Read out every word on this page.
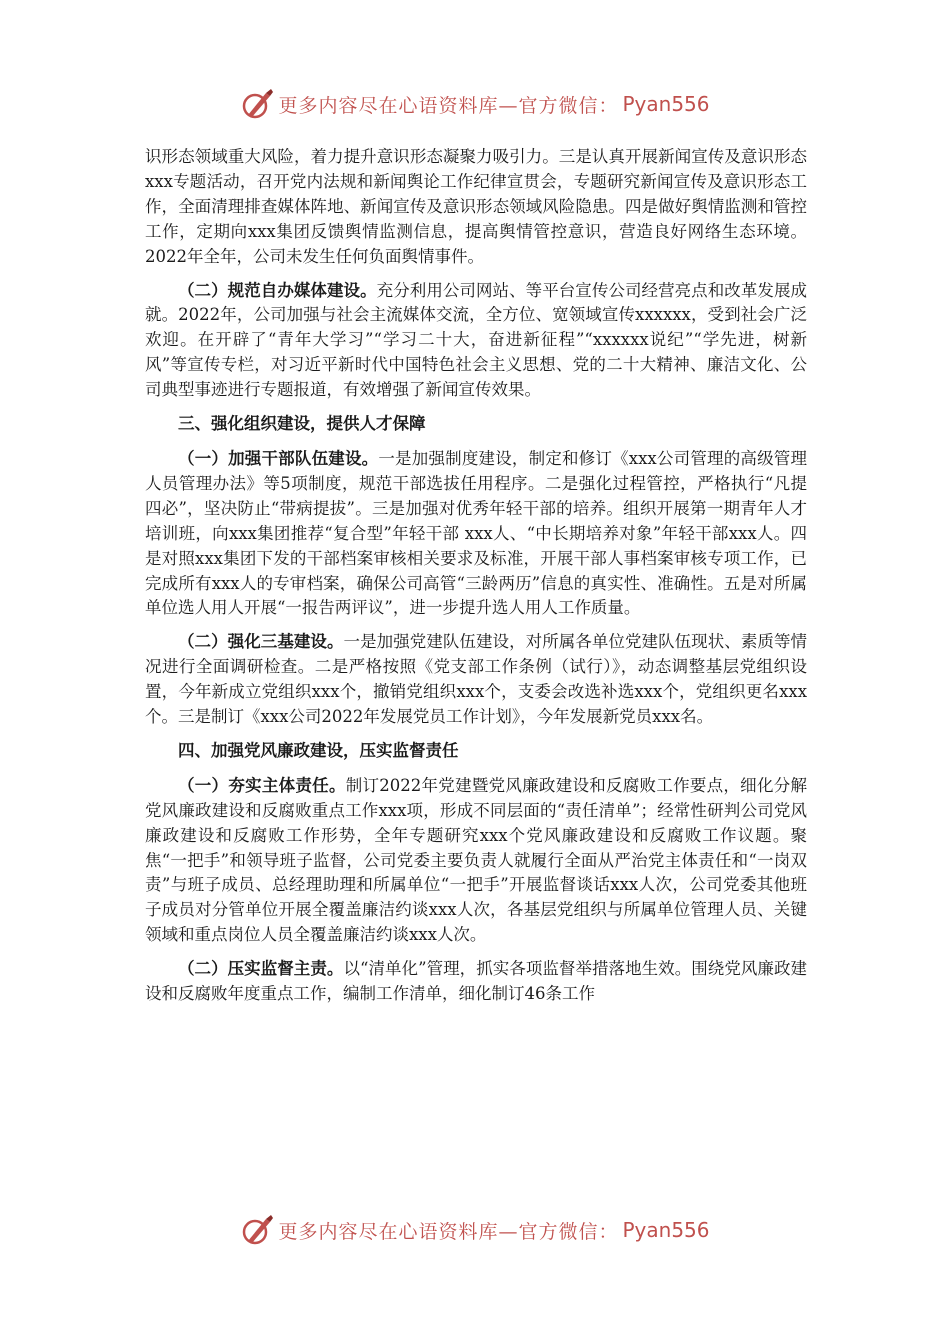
更多内容尽在心语资料库—官方微信： Pyan556

识形态领域重大风险，着力提升意识形态凝聚力吸引力。三是认真开展新闻宣传及意识形态xxx专题活动，召开党内法规和新闻舆论工作纪律宣贯会，专题研究新闻宣传及意识形态工作，全面清理排查媒体阵地、新闻宣传及意识形态领域风险隐患。四是做好舆情监测和管控工作，定期向xxx集团反馈舆情监测信息，提高舆情管控意识，营造良好网络生态环境。2022年全年，公司未发生任何负面舆情事件。

（二）规范自办媒体建设。充分利用公司网站、等平台宣传公司经营亮点和改革发展成就。2022年，公司加强与社会主流媒体交流，全方位、宽领域宣传xxxxxx，受到社会广泛欢迎。在开辟了“青年大学习”“学习二十大，奋进新征程”“xxxxxx说纪”“学先进，树新风”等宣传专栏，对习近平新时代中国特色社会主义思想、党的二十大精神、廉洁文化、公司典型事迹进行专题报道，有效增强了新闻宣传效果。

三、强化组织建设，提供人才保障

（一）加强干部队伍建设。一是加强制度建设，制定和修订《xxx公司管理的高级管理人员管理办法》等5项制度，规范干部选拔任用程序。二是强化过程管控，严格执行“凡提四必”，坚决防止“带病提拔”。三是加强对优秀年轻干部的培养。组织开展第一期青年人才培训班，向xxx集团推荐“复合型”年轻干部 xxx人、“中长期培养对象”年轻干部xxx人。四是对照xxx集团下发的干部档案审核相关要求及标准，开展干部人事档案审核专项工作，已完成所有xxx人的专审档案，确保公司高管“三龄两历”信息的真实性、准确性。五是对所属单位选人用人开展“一报告两评议”，进一步提升选人用人工作质量。

（二）强化三基建设。一是加强党建队伍建设，对所属各单位党建队伍现状、素质等情况进行全面调研检查。二是严格按照《党支部工作条例（试行）》，动态调整基层党组织设置，今年新成立党组织xxx个，撤销党组织xxx个，支委会改选补选xxx个，党组织更名xxx个。三是制订《xxx公司2022年发展党员工作计划》，今年发展新党员xxx名。

四、加强党风廉政建设，压实监督责任

（一）夯实主体责任。制订2022年党建暨党风廉政建设和反腐败工作要点，细化分解党风廉政建设和反腐败重点工作xxx项，形成不同层面的“责任清单”；经常性研判公司党风廉政建设和反腐败工作形势，全年专题研究xxx个党风廉政建设和反腐败工作议题。聚焦“一把手”和领导班子监督，公司党委主要负责人就履行全面从严治党主体责任和“一岗双责”与班子成员、总经理助理和所属单位“一把手”开展监督谈话xxx人次，公司党委其他班子成员对分管单位开展全覆盖廉洁约谈xxx人次，各基层党组织与所属单位管理人员、关键领域和重点岗位人员全覆盖廉洁约谈xxx人次。

（二）压实监督主责。以“清单化”管理，抓实各项监督举措落地生效。围绕党风廉政建设和反腐败年度重点工作，编制工作清单，细化制订46条工作

更多内容尽在心语资料库—官方微信： Pyan556
